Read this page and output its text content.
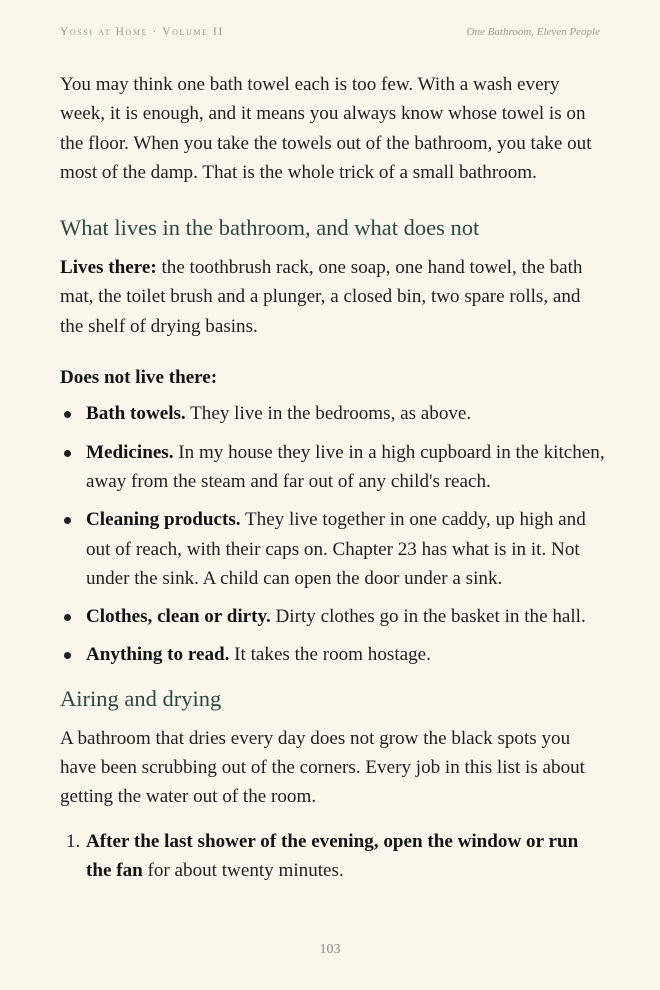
Yossi at Home · Volume II	One Bathroom, Eleven People

You may think one bath towel each is too few. With a wash every week, it is enough, and it means you always know whose towel is on the floor. When you take the towels out of the bathroom, you take out most of the damp. That is the whole trick of a small bathroom.

What lives in the bathroom, and what does not

Lives there: the toothbrush rack, one soap, one hand towel, the bath mat, the toilet brush and a plunger, a closed bin, two spare rolls, and the shelf of drying basins.

Does not live there:

Bath towels. They live in the bedrooms, as above.
Medicines. In my house they live in a high cupboard in the kitchen, away from the steam and far out of any child's reach.
Cleaning products. They live together in one caddy, up high and out of reach, with their caps on. Chapter 23 has what is in it. Not under the sink. A child can open the door under a sink.
Clothes, clean or dirty. Dirty clothes go in the basket in the hall.
Anything to read. It takes the room hostage.
Airing and drying

A bathroom that dries every day does not grow the black spots you have been scrubbing out of the corners. Every job in this list is about getting the water out of the room.

1. After the last shower of the evening, open the window or run the fan for about twenty minutes.
103
